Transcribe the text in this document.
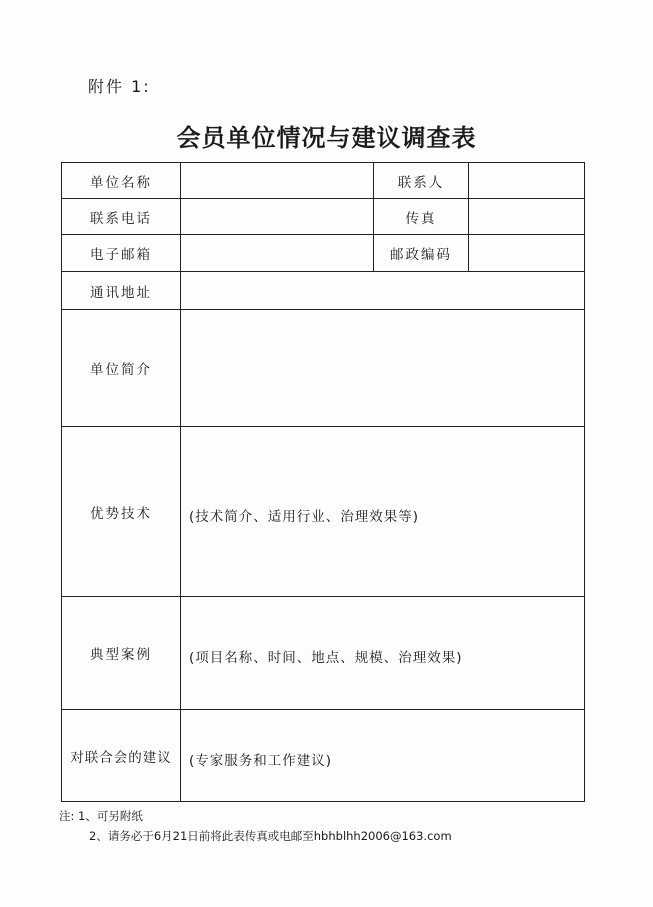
附件 1:
会员单位情况与建议调查表
单位名称		联系人	
联系电话		传真	
电子邮箱		邮政编码	
通讯地址			
单位简介			
优势技术	(技术简介、适用行业、治理效果等)		

典型案例	(项目名称、时间、地点、规模、治理效果)		

对联合会的建议	(专家服务和工作建议)		
注: 1、可另附纸
2、请务必于6月21日前将此表传真或电邮至hbhblhh2006@163.com
